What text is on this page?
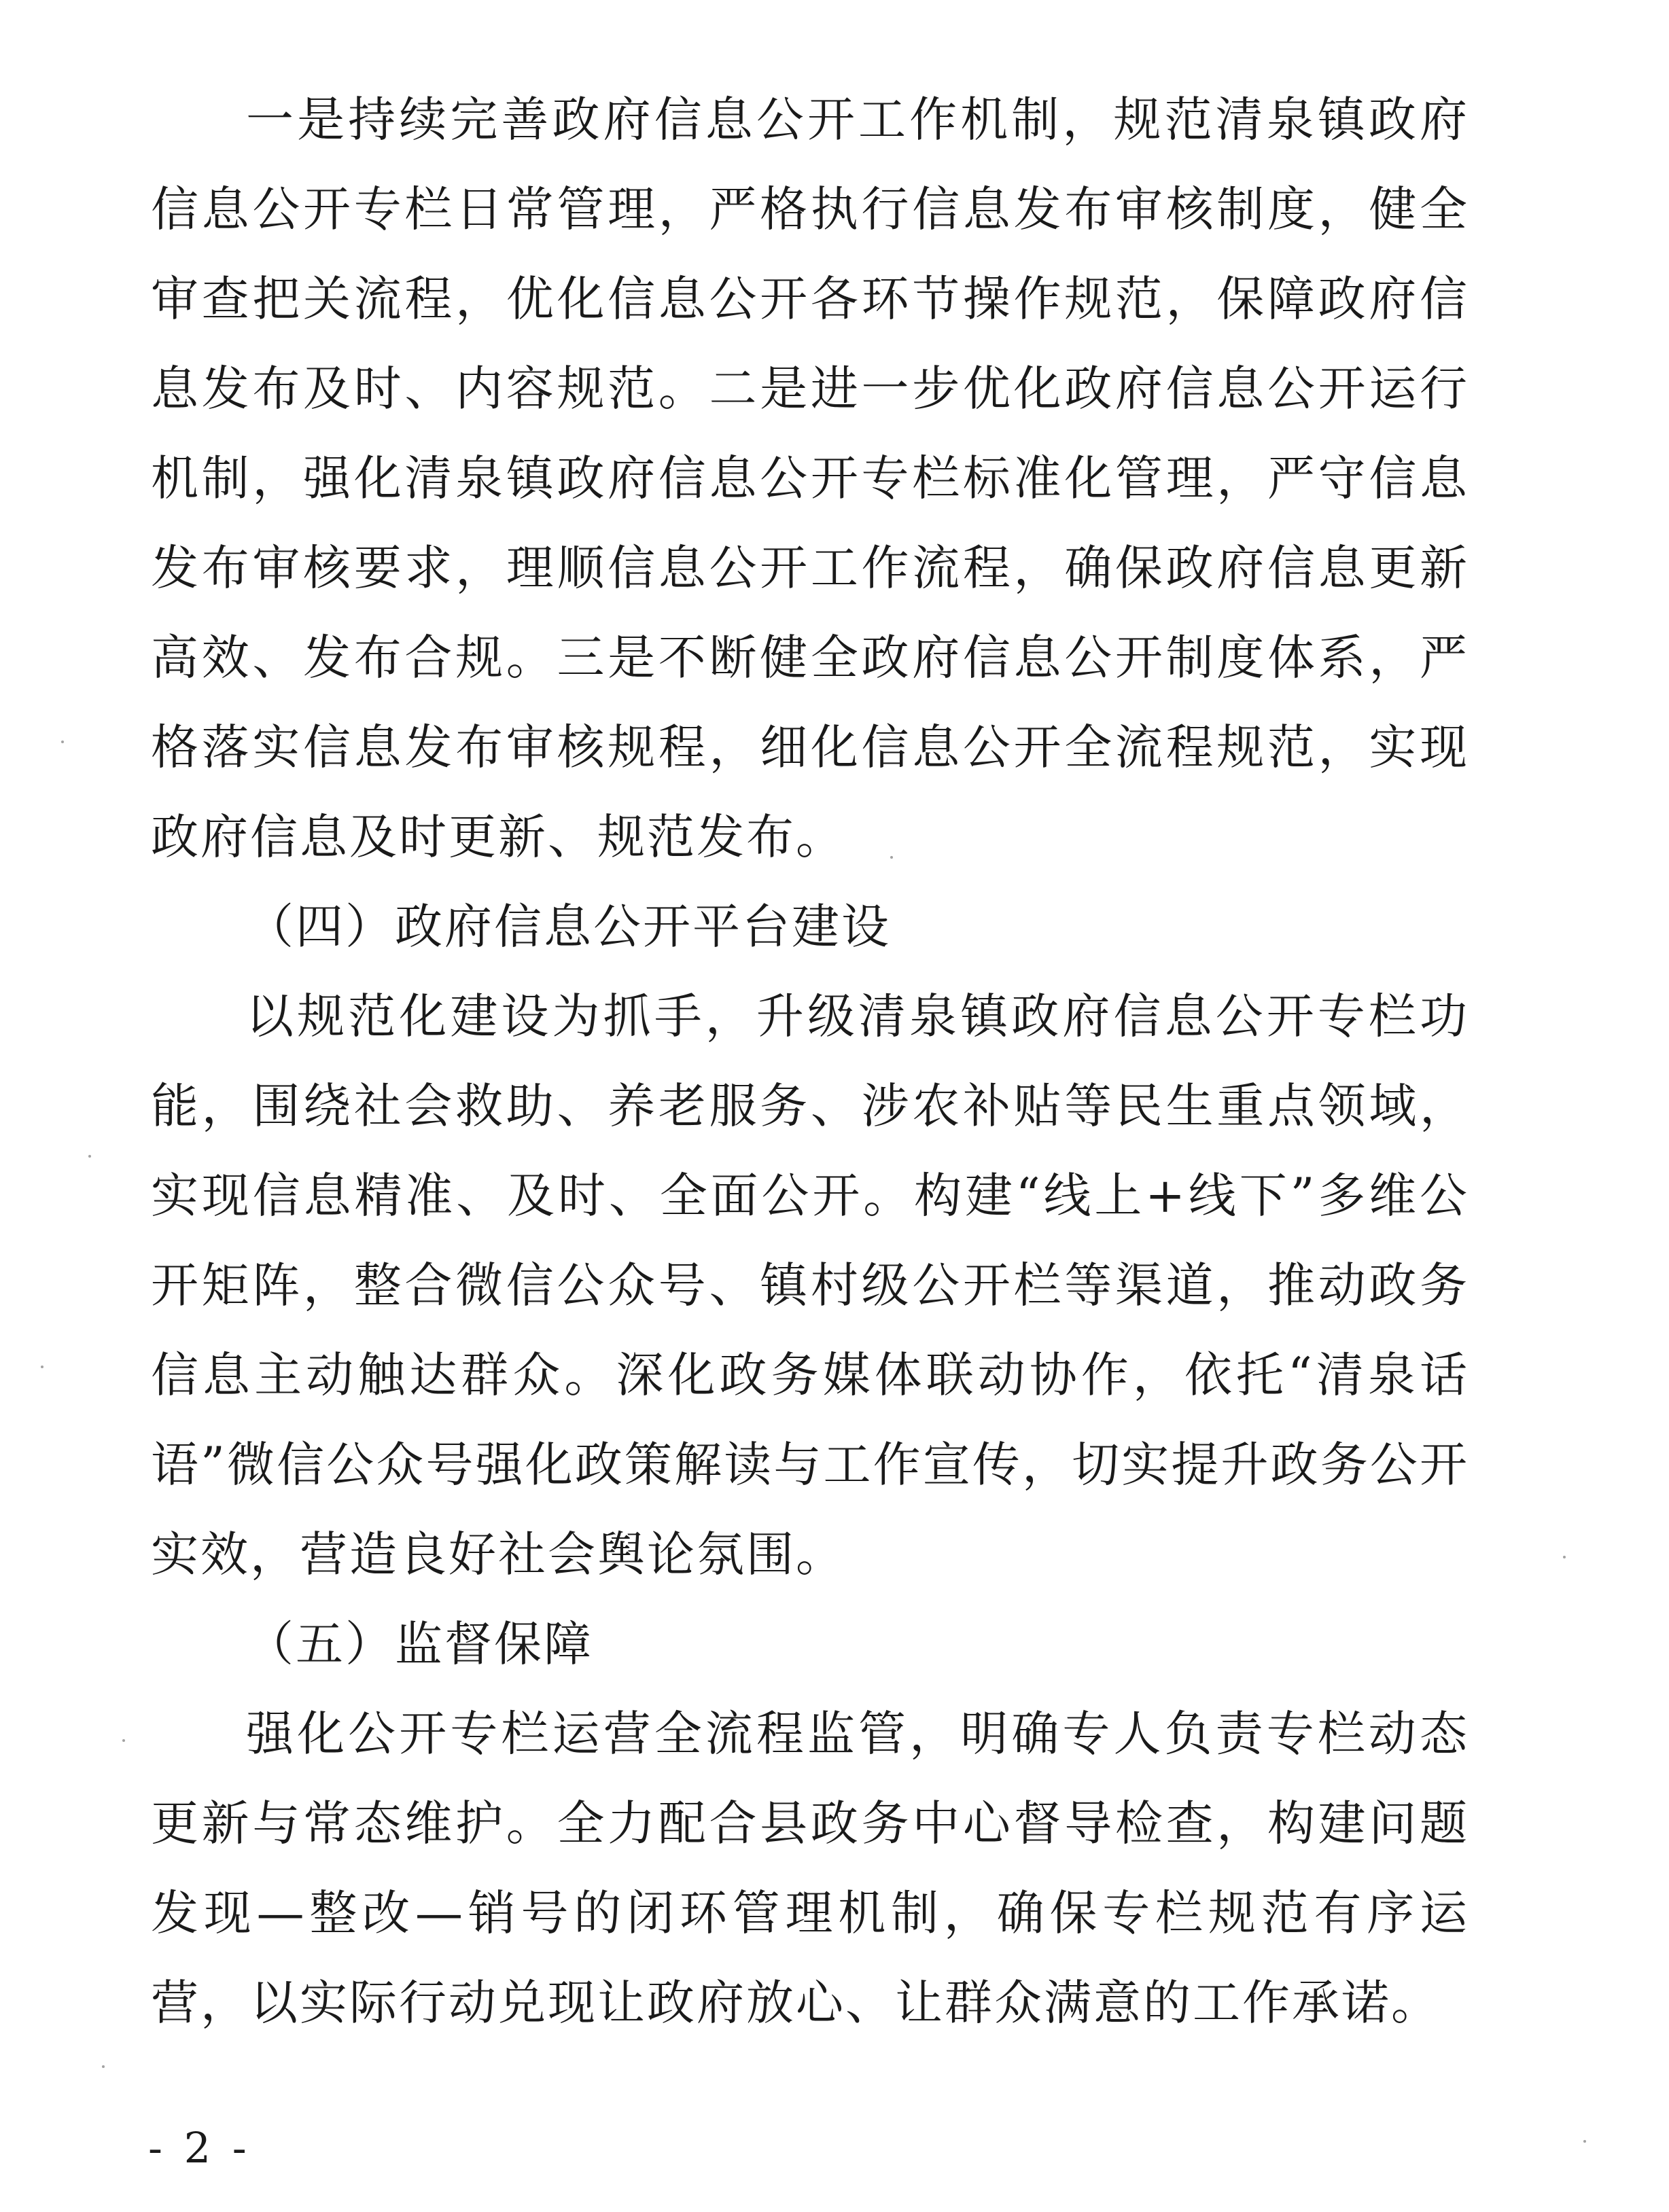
一是持续完善政府信息公开工作机制，规范清泉镇政府信息公开专栏日常管理，严格执行信息发布审核制度，健全审查把关流程，优化信息公开各环节操作规范，保障政府信息发布及时、内容规范。二是进一步优化政府信息公开运行机制，强化清泉镇政府信息公开专栏标准化管理，严守信息发布审核要求，理顺信息公开工作流程，确保政府信息更新高效、发布合规。三是不断健全政府信息公开制度体系，严格落实信息发布审核规程，细化信息公开全流程规范，实现政府信息及时更新、规范发布。

（四）政府信息公开平台建设

以规范化建设为抓手，升级清泉镇政府信息公开专栏功能，围绕社会救助、养老服务、涉农补贴等民生重点领域，实现信息精准、及时、全面公开。构建“线上+线下”多维公开矩阵，整合微信公众号、镇村级公开栏等渠道，推动政务信息主动触达群众。深化政务媒体联动协作，依托“清泉话语”微信公众号强化政策解读与工作宣传，切实提升政务公开实效，营造良好社会舆论氛围。

（五）监督保障

强化公开专栏运营全流程监管，明确专人负责专栏动态更新与常态维护。全力配合县政务中心督导检查，构建问题发现—整改—销号的闭环管理机制，确保专栏规范有序运营，以实际行动兑现让政府放心、让群众满意的工作承诺。

- 2 -
